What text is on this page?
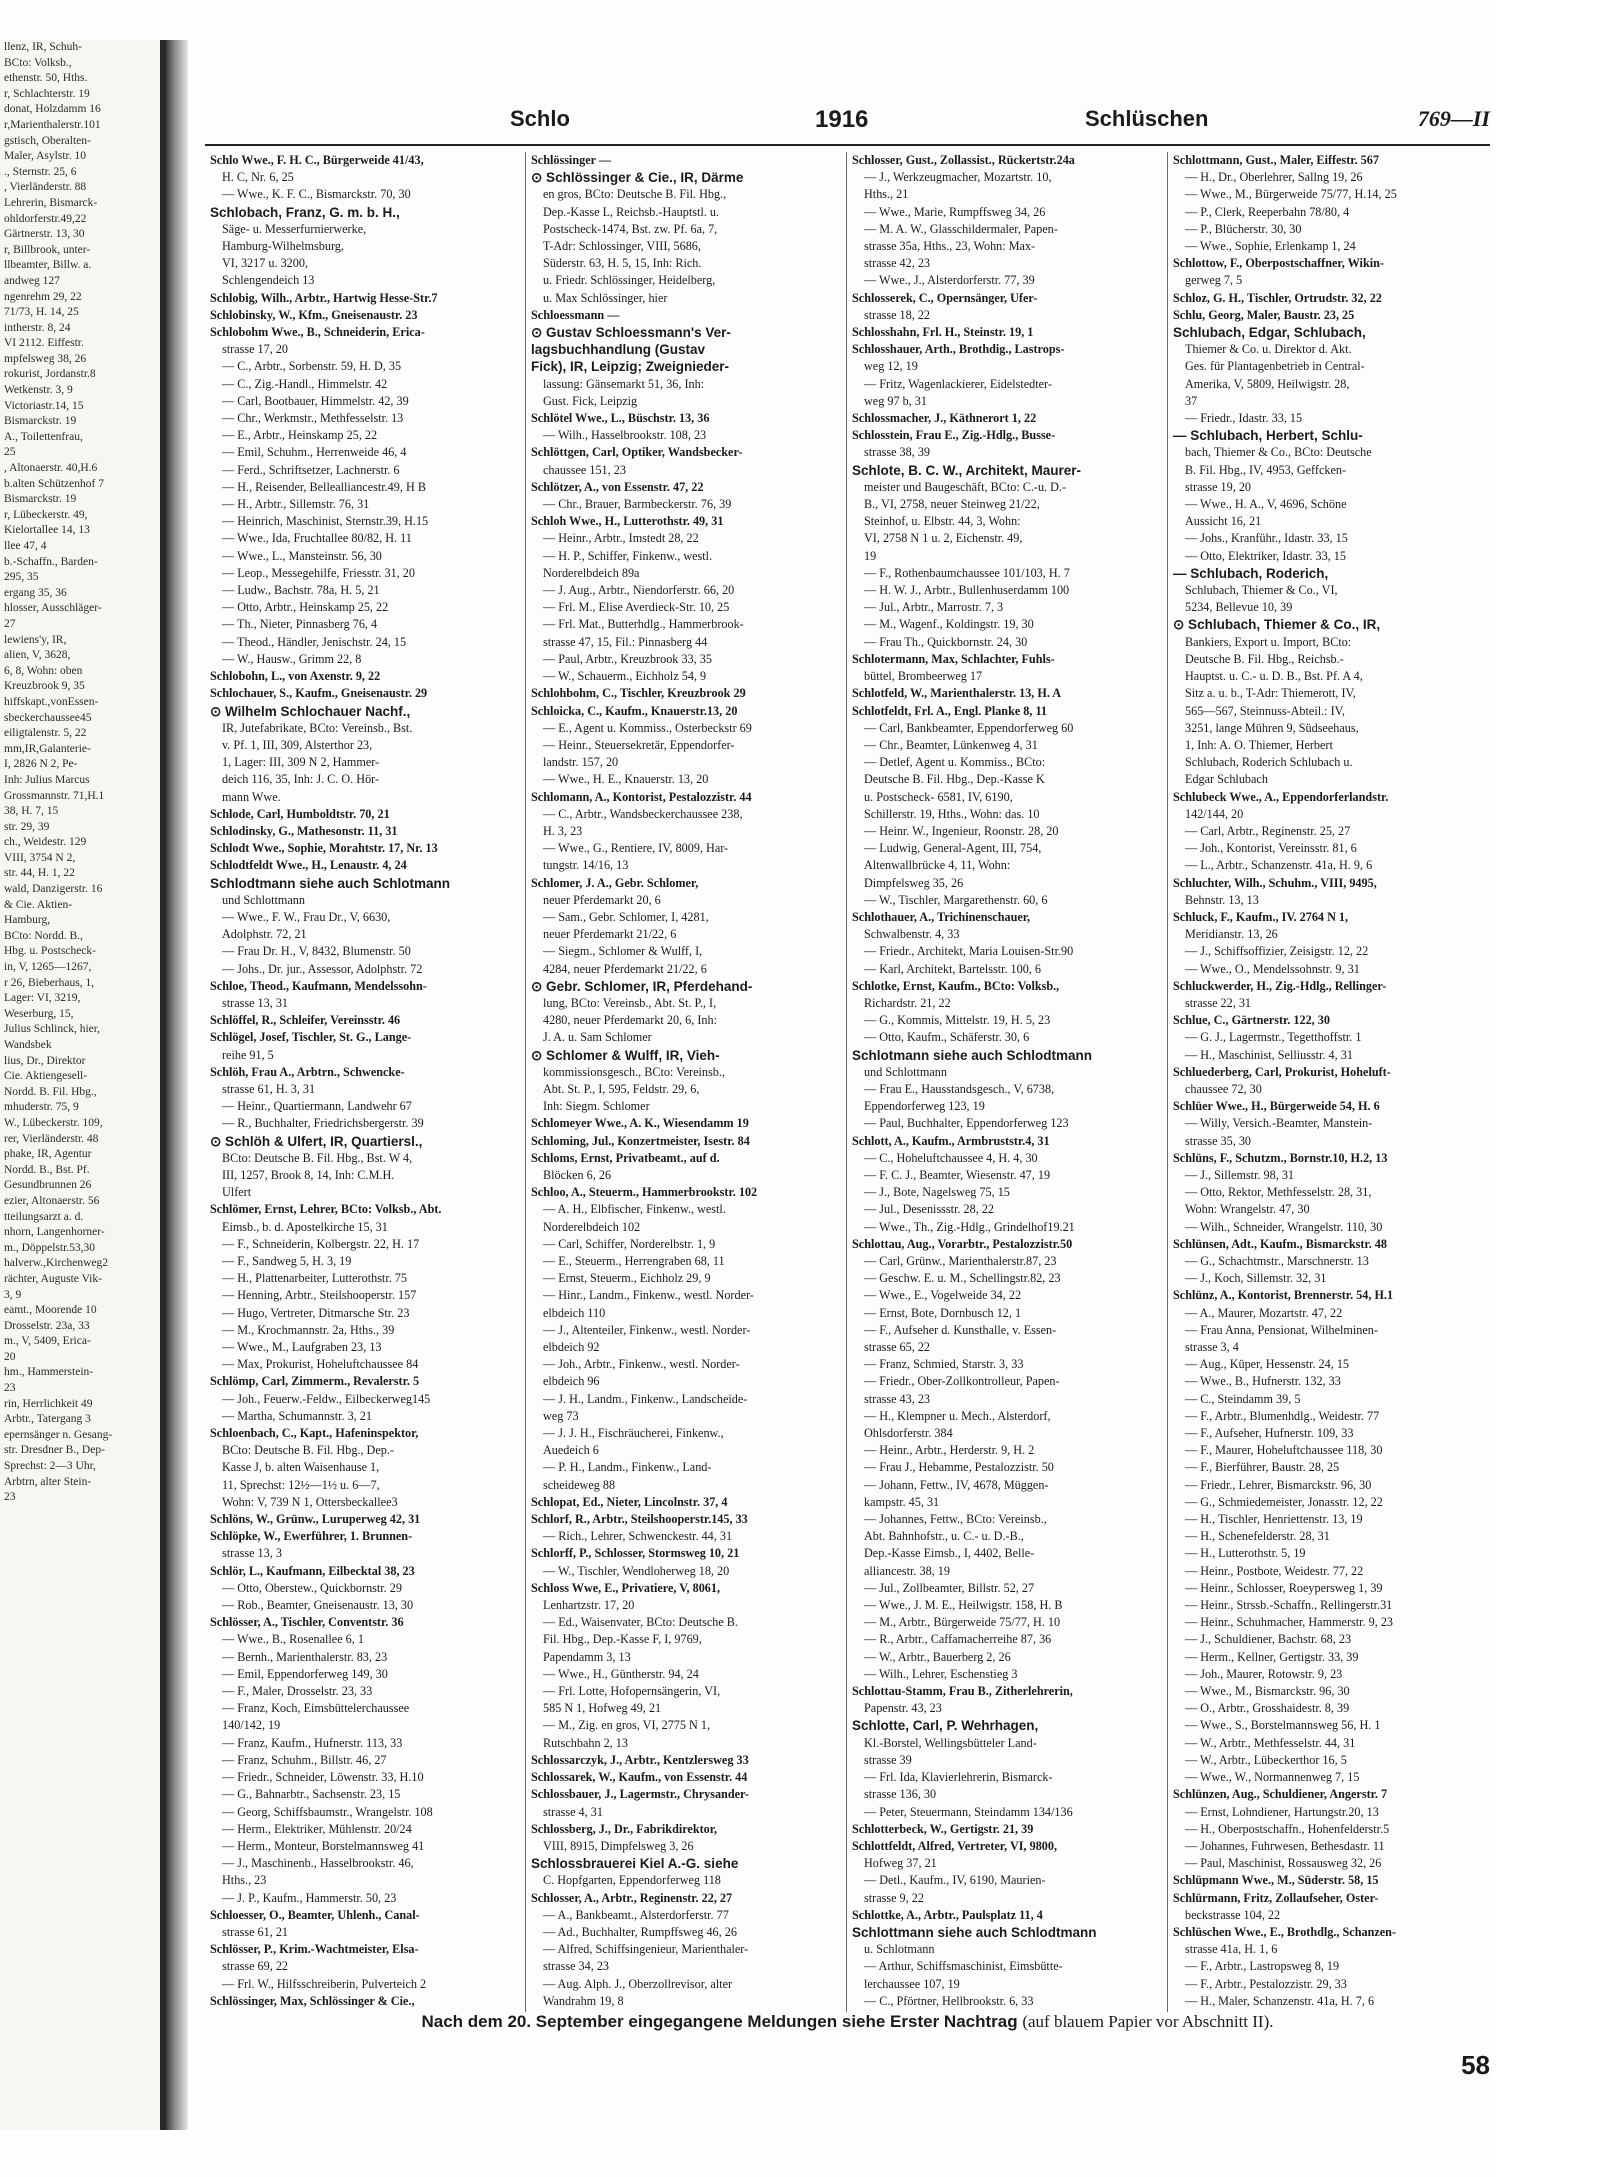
llenz, IR, Schuh-
BCto: Volksb.,
ethenstr. 50, Hths.
r, Schlachterstr. 19
donat, Holzdamm 16
r,Marienthalerstr.101
gstisch, Oberalten-
Maler, Asylstr. 10
., Sternstr. 25, 6
, Vierländerstr. 88
Lehrerin, Bismarck-
ohldorferstr.49,22
Gärtnerstr. 13, 30
r, Billbrook, unter-
llbeamter, Billw. a.
andweg 127
ngenrehm 29, 22
71/73, H. 14, 25
intherstr. 8, 24
VI 2112. Eiffestr.
mpfelsweg 38, 26
rokurist, Jordanstr.8
Wetkenstr. 3, 9
Victoriastr.14, 15
Bismarckstr. 19
A., Toilettenfrau,
25
, Altonaerstr. 40,H.6
b.alten Schützenhof 7
Bismarckstr. 19
r, Lübeckerstr. 49,
Kielortallee 14, 13
llee 47, 4
b.-Schaffn., Barden-
295, 35
ergang 35, 36
hlosser, Ausschläger-
27
lewiens'y, IR,
alien, V, 3628,
6, 8, Wohn: oben
Kreuzbrook 9, 35
hiffskapt.,vonEssen-
sbeckerchaussee45
eiligtalenstr. 5, 22
mm,IR,Galanterie-
I, 2826 N 2, Pe-
Inh: Julius Marcus
Grossmannstr. 71,H.1
38, H. 7, 15
str. 29, 39
ch., Weidestr. 129
VIII, 3754 N 2,
str. 44, H. 1, 22
wald, Danzigerstr. 16
& Cie. Aktien-
Hamburg,
BCto: Nordd. B.,
Hbg. u. Postscheck-
in, V, 1265—1267,
r 26, Bieberhaus, 1,
Lager: VI, 3219,
Weserburg, 15,
Julius Schlinck, hier,
Wandsbek
lius, Dr., Direktor
Cie. Aktiengesell-
Nordd. B. Fil. Hbg.,
mhuderstr. 75, 9
W., Lübeckerstr. 109,
rer, Vierländerstr. 48
phake, IR, Agentur
Nordd. B., Bst. Pf.
Gesundbrunnen 26
ezier, Altonaerstr. 56
tteilungsarzt a. d.
nhorn, Langenhorner-
m., Döppelstr.53,30
halverw.,Kirchenweg2
rächter, Auguste Vik-
3, 9
eamt., Moorende 10
Drosselstr. 23a, 33
m., V, 5409, Erica-
20
hm., Hammerstein-
23
rin, Herrlichkeit 49
Arbtr., Tatergang 3
epernsänger n. Gesang-
str. Dresdner B., Dep-
Sprechst: 2—3 Uhr,
Arbtrn, alter Stein-
23
Schlo	1916	Schlüschen	769—II
Schlo Wwe., F. H. C., Bürgerweide 41/43,
H. C, Nr. 6, 25
— Wwe., K. F. C., Bismarckstr. 70, 30
Schlobach, Franz, G. m. b. H.,
Säge- u. Messerfurnierwerke,
Hamburg-Wilhelmsburg,
VI, 3217 u. 3200,
Schlengendeich 13
Schlobig, Wilh., Arbtr., Hartwig Hesse-Str.7
Schlobinsky, W., Kfm., Gneisenaustr. 23
Schlobohm Wwe., B., Schneiderin, Erica-
strasse 17, 20
— C., Arbtr., Sorbenstr. 59, H. D, 35
— C., Zig.-Handl., Himmelstr. 42
— Carl, Bootbauer, Himmelstr. 42, 39
— Chr., Werkmstr., Methfesselstr. 13
— E., Arbtr., Heinskamp 25, 22
— Emil, Schuhm., Herrenweide 46, 4
— Ferd., Schriftsetzer, Lachnerstr. 6
— H., Reisender, Bellealliancestr.49, H B
— H., Arbtr., Sillemstr. 76, 31
— Heinrich, Maschinist, Sternstr.39, H.15
— Wwe., Ida, Fruchtallee 80/82, H. 11
— Wwe., L., Mansteinstr. 56, 30
— Leop., Messegehilfe, Friesstr. 31, 20
— Ludw., Bachstr. 78a, H. 5, 21
— Otto, Arbtr., Heinskamp 25, 22
— Th., Nieter, Pinnasberg 76, 4
— Theod., Händler, Jenischstr. 24, 15
— W., Hausw., Grimm 22, 8
Schlobohn, L., von Axenstr. 9, 22
Schlochauer, S., Kaufm., Gneisenaustr. 29
⊙ Wilhelm Schlochauer Nachf.,
IR, Jutefabrikate, BCto: Vereinsb., Bst.
v. Pf. 1, III, 309, Alsterthor 23,
1, Lager: III, 309 N 2, Hammer-
deich 116, 35, Inh: J. C. O. Hör-
mann Wwe.
Schlode, Carl, Humboldtstr. 70, 21
Schlodinsky, G., Mathesonstr. 11, 31
Schlodt Wwe., Sophie, Morahtstr. 17, Nr. 13
Schlodtfeldt Wwe., H., Lenaustr. 4, 24
Schlodtmann siehe auch Schlotmann
und Schlottmann
— Wwe., F. W., Frau Dr., V, 6630,
Adolphstr. 72, 21
— Frau Dr. H., V, 8432, Blumenstr. 50
— Johs., Dr. jur., Assessor, Adolphstr. 72
Schloe, Theod., Kaufmann, Mendelssohn-
strasse 13, 31
Schlöffel, R., Schleifer, Vereinsstr. 46
Schlögel, Josef, Tischler, St. G., Lange-
reihe 91, 5
Schlöh, Frau A., Arbtrn., Schwencke-
strasse 61, H. 3, 31
— Heinr., Quartiermann, Landwehr 67
— R., Buchhalter, Friedrichsbergerstr. 39
⊙ Schlöh & Ulfert, IR, Quartiersl.,
BCto: Deutsche B. Fil. Hbg., Bst. W 4,
III, 1257, Brook 8, 14, Inh: C.M.H.
Ulfert
Schlömer, Ernst, Lehrer, BCto: Volksb., Abt.
Eimsb., b. d. Apostelkirche 15, 31
— F., Schneiderin, Kolbergstr. 22, H. 17
— F., Sandweg 5, H. 3, 19
— H., Plattenarbeiter, Lutterothstr. 75
— Henning, Arbtr., Steilshooperstr. 157
— Hugo, Vertreter, Ditmarsche Str. 23
— M., Krochmannstr. 2a, Hths., 39
— Wwe., M., Laufgraben 23, 13
— Max, Prokurist, Hoheluftchaussee 84
Schlömp, Carl, Zimmerm., Revalerstr. 5
— Joh., Feuerw.-Feldw., Eilbeckerweg145
— Martha, Schumannstr. 3, 21
Schloenbach, C., Kapt., Hafeninspektor,
BCto: Deutsche B. Fil. Hbg., Dep.-
Kasse J, b. alten Waisenhause 1,
11, Sprechst: 12½—1½ u. 6—7,
Wohn: V, 739 N 1, Ottersbeckallee3
Schlöns, W., Grünw., Luruperweg 42, 31
Schlöpke, W., Ewerführer, 1. Brunnen-
strasse 13, 3
Schlör, L., Kaufmann, Eilbecktal 38, 23
— Otto, Oberstew., Quickbornstr. 29
— Rob., Beamter, Gneisenaustr. 13, 30
Schlösser, A., Tischler, Conventstr. 36
— Wwe., B., Rosenallee 6, 1
— Bernh., Marienthalerstr. 83, 23
— Emil, Eppendorferweg 149, 30
— F., Maler, Drosselstr. 23, 33
— Franz, Koch, Eimsbüttelerchaussee
140/142, 19
— Franz, Kaufm., Hufnerstr. 113, 33
— Franz, Schuhm., Billstr. 46, 27
— Friedr., Schneider, Löwenstr. 33, H.10
— G., Bahnarbtr., Sachsenstr. 23, 15
— Georg, Schiffsbaumstr., Wrangelstr. 108
— Herm., Elektriker, Mühlenstr. 20/24
— Herm., Monteur, Borstelmannsweg 41
— J., Maschinenb., Hasselbrookstr. 46,
Hths., 23
— J. P., Kaufm., Hammerstr. 50, 23
Schloesser, O., Beamter, Uhlenh., Canal-
strasse 61, 21
Schlösser, P., Krim.-Wachtmeister, Elsa-
strasse 69, 22
— Frl. W., Hilfsschreiberin, Pulverteich 2
Schlössinger, Max, Schlössinger & Cie.,
Schlössinger —
⊙ Schlössinger & Cie., IR, Därme
en gros, BCto: Deutsche B. Fil. Hbg.,
Dep.-Kasse L, Reichsb.-Hauptstl. u.
Postscheck-1474, Bst. zw. Pf. 6a, 7,
T-Adr: Schlossinger, VIII, 5686,
Süderstr. 63, H. 5, 15, Inh: Rich.
u. Friedr. Schlössinger, Heidelberg,
u. Max Schlössinger, hier
Schloessmann —
⊙ Gustav Schloessmann's Ver-
lagsbuchhandlung (Gustav
Fick), IR, Leipzig; Zweignieder-
lassung: Gänsemarkt 51, 36, Inh:
Gust. Fick, Leipzig
Schlötel Wwe., L., Büschstr. 13, 36
— Wilh., Hasselbrookstr. 108, 23
Schlöttgen, Carl, Optiker, Wandsbecker-
chaussee 151, 23
Schlötzer, A., von Essenstr. 47, 22
— Chr., Brauer, Barmbeckerstr. 76, 39
Schloh Wwe., H., Lutterothstr. 49, 31
— Heinr., Arbtr., Imstedt 28, 22
— H. P., Schiffer, Finkenw., westl.
Norderelbdeich 89a
— J. Aug., Arbtr., Niendorferstr. 66, 20
— Frl. M., Elise Averdieck-Str. 10, 25
— Frl. Mat., Butterhdlg., Hammerbrook-
strasse 47, 15, Fil.: Pinnasberg 44
— Paul, Arbtr., Kreuzbrook 33, 35
— W., Schauerm., Eichholz 54, 9
Schlohbohm, C., Tischler, Kreuzbrook 29
Schloicka, C., Kaufm., Knauerstr.13, 20
— E., Agent u. Kommiss., Osterbeckstr 69
— Heinr., Steuersekretär, Eppendorfer-
landstr. 157, 20
— Wwe., H. E., Knauerstr. 13, 20
Schlomann, A., Kontorist, Pestalozzistr. 44
— C., Arbtr., Wandsbeckerchaussee 238,
H. 3, 23
— Wwe., G., Rentiere, IV, 8009, Har-
tungstr. 14/16, 13
Schlomer, J. A., Gebr. Schlomer,
neuer Pferdemarkt 20, 6
— Sam., Gebr. Schlomer, I, 4281,
neuer Pferdemarkt 21/22, 6
— Siegm., Schlomer & Wulff, I,
4284, neuer Pferdemarkt 21/22, 6
⊙ Gebr. Schlomer, IR, Pferdehand-
lung, BCto: Vereinsb., Abt. St. P., I,
4280, neuer Pferdemarkt 20, 6, Inh:
J. A. u. Sam Schlomer
⊙ Schlomer & Wulff, IR, Vieh-
kommissionsgesch., BCto: Vereinsb.,
Abt. St. P., I, 595, Feldstr. 29, 6,
Inh: Siegm. Schlomer
Schlomeyer Wwe., A. K., Wiesendamm 19
Schloming, Jul., Konzertmeister, Isestr. 84
Schloms, Ernst, Privatbeamt., auf d.
Blöcken 6, 26
Schloo, A., Steuerm., Hammerbrookstr. 102
— A. H., Elbfischer, Finkenw., westl.
Norderelbdeich 102
— Carl, Schiffer, Norderelbstr. 1, 9
— E., Steuerm., Herrengraben 68, 11
— Ernst, Steuerm., Eichholz 29, 9
— Hinr., Landm., Finkenw., westl. Norder-
elbdeich 110
— J., Altenteiler, Finkenw., westl. Norder-
elbdeich 92
— Joh., Arbtr., Finkenw., westl. Norder-
elbdeich 96
— J. H., Landm., Finkenw., Landscheide-
weg 73
— J. J. H., Fischräucherei, Finkenw.,
Auedeich 6
— P. H., Landm., Finkenw., Land-
scheideweg 88
Schlopat, Ed., Nieter, Lincolnstr. 37, 4
Schlorf, R., Arbtr., Steilshooperstr.145, 33
— Rich., Lehrer, Schwenckestr. 44, 31
Schlorff, P., Schlosser, Stormsweg 10, 21
— W., Tischler, Wendloherweg 18, 20
Schloss Wwe, E., Privatiere, V, 8061,
Lenhartzstr. 17, 20
— Ed., Waisenvater, BCto: Deutsche B.
Fil. Hbg., Dep.-Kasse F, I, 9769,
Papendamm 3, 13
— Wwe., H., Güntherstr. 94, 24
— Frl. Lotte, Hofopernsängerin, VI,
585 N 1, Hofweg 49, 21
— M., Zig. en gros, VI, 2775 N 1,
Rutschbahn 2, 13
Schlossarczyk, J., Arbtr., Kentzlersweg 33
Schlossarek, W., Kaufm., von Essenstr. 44
Schlossbauer, J., Lagermstr., Chrysander-
strasse 4, 31
Schlossberg, J., Dr., Fabrikdirektor,
VIII, 8915, Dimpfelsweg 3, 26
Schlossbrauerei Kiel A.-G. siehe
C. Hopfgarten, Eppendorferweg 118
Schlosser, A., Arbtr., Reginenstr. 22, 27
— A., Bankbeamt., Alsterdorferstr. 77
— Ad., Buchhalter, Rumpffsweg 46, 26
— Alfred, Schiffsingenieur, Marienthaler-
strasse 34, 23
— Aug. Alph. J., Oberzollrevisor, alter
Wandrahm 19, 8
Schlosser, Gust., Zollassist., Rückertstr.24a
— J., Werkzeugmacher, Mozartstr. 10,
Hths., 21
— Wwe., Marie, Rumpffsweg 34, 26
— M. A. W., Glasschildermaler, Papen-
strasse 35a, Hths., 23, Wohn: Max-
strasse 42, 23
— Wwe., J., Alsterdorferstr. 77, 39
Schlosserek, C., Opernsänger, Ufer-
strasse 18, 22
Schlosshahn, Frl. H., Steinstr. 19, 1
Schlosshauer, Arth., Brothdig., Lastrops-
weg 12, 19
— Fritz, Wagenlackierer, Eidelstedter-
weg 97 b, 31
Schlossmacher, J., Käthnerort 1, 22
Schlosstein, Frau E., Zig.-Hdlg., Busse-
strasse 38, 39
Schlote, B. C. W., Architekt, Maurer-
meister und Baugeschäft, BCto: C.-u. D.-
B., VI, 2758, neuer Steinweg 21/22,
Steinhof, u. Elbstr. 44, 3, Wohn:
VI, 2758 N 1 u. 2, Eichenstr. 49,
19
— F., Rothenbaumchaussee 101/103, H. 7
— H. W. J., Arbtr., Bullenhuserdamm 100
— Jul., Arbtr., Marrostr. 7, 3
— M., Wagenf., Koldingstr. 19, 30
— Frau Th., Quickbornstr. 24, 30
Schlotermann, Max, Schlachter, Fuhls-
büttel, Brombeerweg 17
Schlotfeld, W., Marienthalerstr. 13, H. A
Schlotfeldt, Frl. A., Engl. Planke 8, 11
— Carl, Bankbeamter, Eppendorferweg 60
— Chr., Beamter, Lünkenweg 4, 31
— Detlef, Agent u. Kommiss., BCto:
Deutsche B. Fil. Hbg., Dep.-Kasse K
u. Postscheck- 6581, IV, 6190,
Schillerstr. 19, Hths., Wohn: das. 10
— Heinr. W., Ingenieur, Roonstr. 28, 20
— Ludwig, General-Agent, III, 754,
Altenwallbrücke 4, 11, Wohn:
Dimpfelsweg 35, 26
— W., Tischler, Margarethenstr. 60, 6
Schlothauer, A., Trichinenschauer,
Schwalbenstr. 4, 33
— Friedr., Architekt, Maria Louisen-Str.90
— Karl, Architekt, Bartelsstr. 100, 6
Schlotke, Ernst, Kaufm., BCto: Volksb.,
Richardstr. 21, 22
— G., Kommis, Mittelstr. 19, H. 5, 23
— Otto, Kaufm., Schäferstr. 30, 6
Schlotmann siehe auch Schlodtmann
und Schlottmann
— Frau E., Hausstandsgesch., V, 6738,
Eppendorferweg 123, 19
— Paul, Buchhalter, Eppendorferweg 123
Schlott, A., Kaufm., Armbruststr.4, 31
— C., Hoheluftchaussee 4, H. 4, 30
— F. C. J., Beamter, Wiesenstr. 47, 19
— J., Bote, Nagelsweg 75, 15
— Jul., Desenissstr. 28, 22
— Wwe., Th., Zig.-Hdlg., Grindelhof19.21
Schlottau, Aug., Vorarbtr., Pestalozzistr.50
— Carl, Grünw., Marienthalerstr.87, 23
— Geschw. E. u. M., Schellingstr.82, 23
— Wwe., E., Vogelweide 34, 22
— Ernst, Bote, Dornbusch 12, 1
— F., Aufseher d. Kunsthalle, v. Essen-
strasse 65, 22
— Franz, Schmied, Starstr. 3, 33
— Friedr., Ober-Zollkontrolleur, Papen-
strasse 43, 23
— H., Klempner u. Mech., Alsterdorf,
Ohlsdorferstr. 384
— Heinr., Arbtr., Herderstr. 9, H. 2
— Frau J., Hebamme, Pestalozzistr. 50
— Johann, Fettw., IV, 4678, Müggen-
kampstr. 45, 31
— Johannes, Fettw., BCto: Vereinsb.,
Abt. Bahnhofstr., u. C.- u. D.-B.,
Dep.-Kasse Eimsb., I, 4402, Belle-
alliancestr. 38, 19
— Jul., Zollbeamter, Billstr. 52, 27
— Wwe., J. M. E., Heilwigstr. 158, H. B
— M., Arbtr., Bürgerweide 75/77, H. 10
— R., Arbtr., Caffamacherreihe 87, 36
— W., Arbtr., Bauerberg 2, 26
— Wilh., Lehrer, Eschenstieg 3
Schlottau-Stamm, Frau B., Zitherlehrerin,
Papenstr. 43, 23
Schlotte, Carl, P. Wehrhagen,
Kl.-Borstel, Wellingsbütteler Land-
strasse 39
— Frl. Ida, Klavierlehrerin, Bismarck-
strasse 136, 30
— Peter, Steuermann, Steindamm 134/136
Schlotterbeck, W., Gertigstr. 21, 39
Schlottfeldt, Alfred, Vertreter, VI, 9800,
Hofweg 37, 21
— Detl., Kaufm., IV, 6190, Maurien-
strasse 9, 22
Schlottke, A., Arbtr., Paulsplatz 11, 4
Schlottmann siehe auch Schlodtmann
u. Schlotmann
— Arthur, Schiffsmaschinist, Eimsbütte-
lerchaussee 107, 19
— C., Pförtner, Hellbrookstr. 6, 33
Schlottmann, Gust., Maler, Eiffestr. 567
— H., Dr., Oberlehrer, Sallng 19, 26
— Wwe., M., Bürgerweide 75/77, H.14, 25
— P., Clerk, Reeperbahn 78/80, 4
— P., Blücherstr. 30, 30
— Wwe., Sophie, Erlenkamp 1, 24
Schlottow, F., Oberpostschaffner, Wikin-
gerweg 7, 5
Schloz, G. H., Tischler, Ortrudstr. 32, 22
Schlu, Georg, Maler, Baustr. 23, 25
Schlubach, Edgar, Schlubach,
Thiemer & Co. u. Direktor d. Akt.
Ges. für Plantagenbetrieb in Central-
Amerika, V, 5809, Heilwigstr. 28,
37
— Friedr., Idastr. 33, 15
— Schlubach, Herbert, Schlu-
bach, Thiemer & Co., BCto: Deutsche
B. Fil. Hbg., IV, 4953, Geffcken-
strasse 19, 20
— Wwe., H. A., V, 4696, Schöne
Aussicht 16, 21
— Johs., Kranführ., Idastr. 33, 15
— Otto, Elektriker, Idastr. 33, 15
— Schlubach, Roderich,
Schlubach, Thiemer & Co., VI,
5234, Bellevue 10, 39
⊙ Schlubach, Thiemer & Co., IR,
Bankiers, Export u. Import, BCto:
Deutsche B. Fil. Hbg., Reichsb.-
Hauptst. u. C.- u. D. B., Bst. Pf. A 4,
Sitz a. u. b., T-Adr: Thiemerott, IV,
565—567, Steinnuss-Abteil.: IV,
3251, lange Mühren 9, Südseehaus,
1, Inh: A. O. Thiemer, Herbert
Schlubach, Roderich Schlubach u.
Edgar Schlubach
Schlubeck Wwe., A., Eppendorferlandstr.
142/144, 20
— Carl, Arbtr., Reginenstr. 25, 27
— Joh., Kontorist, Vereinsstr. 81, 6
— L., Arbtr., Schanzenstr. 41a, H. 9, 6
Schluchter, Wilh., Schuhm., VIII, 9495,
Behnstr. 13, 13
Schluck, F., Kaufm., IV. 2764 N 1,
Meridianstr. 13, 26
— J., Schiffsoffizier, Zeisigstr. 12, 22
— Wwe., O., Mendelssohnstr. 9, 31
Schluckwerder, H., Zig.-Hdlg., Rellinger-
strasse 22, 31
Schlue, C., Gärtnerstr. 122, 30
— G. J., Lagermstr., Tegetthoffstr. 1
— H., Maschinist, Selliusstr. 4, 31
Schluederberg, Carl, Prokurist, Hoheluft-
chaussee 72, 30
Schlüer Wwe., H., Bürgerweide 54, H. 6
— Willy, Versich.-Beamter, Manstein-
strasse 35, 30
Schlüns, F., Schutzm., Bornstr.10, H.2, 13
— J., Sillemstr. 98, 31
— Otto, Rektor, Methfesselstr. 28, 31,
Wohn: Wrangelstr. 47, 30
— Wilh., Schneider, Wrangelstr. 110, 30
Schlünsen, Adt., Kaufm., Bismarckstr. 48
— G., Schachtmstr., Marschnerstr. 13
— J., Koch, Sillemstr. 32, 31
Schlünz, A., Kontorist, Brennerstr. 54, H.1
— A., Maurer, Mozartstr. 47, 22
— Frau Anna, Pensionat, Wilhelminen-
strasse 3, 4
— Aug., Küper, Hessenstr. 24, 15
— Wwe., B., Hufnerstr. 132, 33
— C., Steindamm 39, 5
— F., Arbtr., Blumenhdlg., Weidestr. 77
— F., Aufseher, Hufnerstr. 109, 33
— F., Maurer, Hoheluftchaussee 118, 30
— F., Bierführer, Baustr. 28, 25
— Friedr., Lehrer, Bismarckstr. 96, 30
— G., Schmiedemeister, Jonasstr. 12, 22
— H., Tischler, Henriettenstr. 13, 19
— H., Schenefelderstr. 28, 31
— H., Lutterothstr. 5, 19
— Heinr., Postbote, Weidestr. 77, 22
— Heinr., Schlosser, Roeypersweg 1, 39
— Heinr., Strssb.-Schaffn., Rellingerstr.31
— Heinr., Schuhmacher, Hammerstr. 9, 23
— J., Schuldiener, Bachstr. 68, 23
— Herm., Kellner, Gertigstr. 33, 39
— Joh., Maurer, Rotowstr. 9, 23
— Wwe., M., Bismarckstr. 96, 30
— O., Arbtr., Grosshaidestr. 8, 39
— Wwe., S., Borstelmannsweg 56, H. 1
— W., Arbtr., Methfesselstr. 44, 31
— W., Arbtr., Lübeckerthor 16, 5
— Wwe., W., Normannenweg 7, 15
Schlünzen, Aug., Schuldiener, Angerstr. 7
— Ernst, Lohndiener, Hartungstr.20, 13
— H., Oberpostschaffn., Hohenfelderstr.5
— Johannes, Fuhrwesen, Bethesdastr. 11
— Paul, Maschinist, Rossausweg 32, 26
Schlüpmann Wwe., M., Süderstr. 58, 15
Schlürmann, Fritz, Zollaufseher, Oster-
beckstrasse 104, 22
Schlüschen Wwe., E., Brothdlg., Schanzen-
strasse 41a, H. 1, 6
— F., Arbtr., Lastropsweg 8, 19
— F., Arbtr., Pestalozzistr. 29, 33
— H., Maler, Schanzenstr. 41a, H. 7, 6
Nach dem 20. September eingegangene Meldungen siehe Erster Nachtrag (auf blauem Papier vor Abschnitt II).
58
